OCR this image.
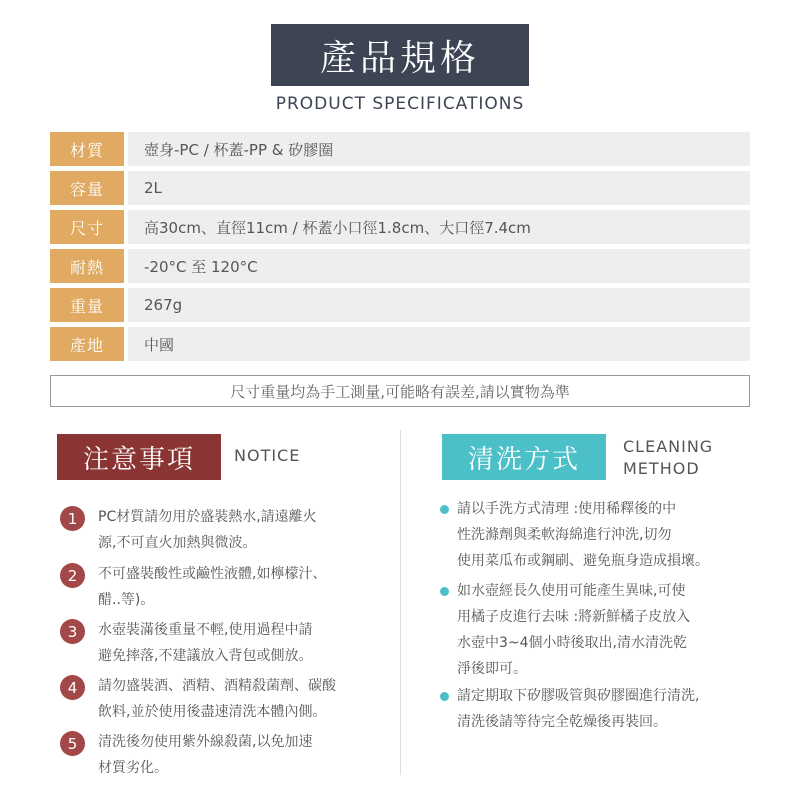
產品規格
PRODUCT SPECIFICATIONS
材質	壺身-PC / 杯蓋-PP & 矽膠圈
容量	2L
尺寸	高30cm、直徑11cm / 杯蓋小口徑1.8cm、大口徑7.4cm
耐熱	-20°C 至 120°C
重量	267g
產地	中國
尺寸重量均為手工測量,可能略有誤差,請以實物為準
注意事項	NOTICE
1	PC材質請勿用於盛裝熱水,請遠離火
源,不可直火加熱與微波。
2	不可盛裝酸性或鹼性液體,如檸檬汁、
醋..等)。
3	水壺裝滿後重量不輕,使用過程中請
避免摔落,不建議放入背包或側放。
4	請勿盛裝酒、酒精、酒精殺菌劑、碳酸
飲料,並於使用後盡速清洗本體內側。
5	清洗後勿使用紫外線殺菌,以免加速
材質劣化。
清洗方式	CLEANING
METHOD
請以手洗方式清理 :使用稀釋後的中
性洗滌劑與柔軟海綿進行沖洗,切勿
使用菜瓜布或鋼刷、避免瓶身造成損壞。
如水壺經長久使用可能產生異味,可使
用橘子皮進行去味 :將新鮮橘子皮放入
水壺中3~4個小時後取出,清水清洗乾
淨後即可。
請定期取下矽膠吸管與矽膠圈進行清洗,
清洗後請等待完全乾燥後再裝回。
